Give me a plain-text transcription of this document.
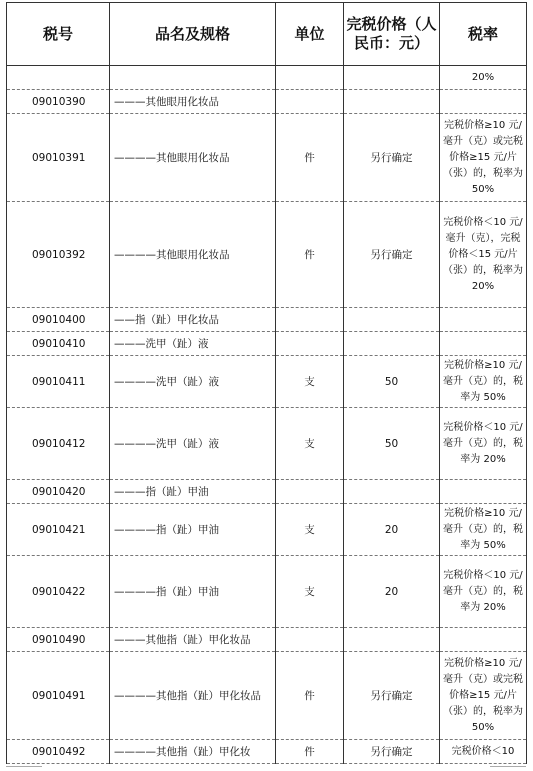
税号	品名及规格	单位	完税价格（人民币：元）	税率
				20%
09010390	———其他眼用化妆品			
09010391	————其他眼用化妆品	件	另行确定	完税价格≥10 元/毫升（克）或完税价格≥15 元/片（张）的，税率为 50%
09010392	————其他眼用化妆品	件	另行确定	完税价格＜10 元/毫升（克），完税价格＜15 元/片（张）的，税率为 20%
09010400	——指（趾）甲化妆品			
09010410	———洗甲（趾）液			
09010411	————洗甲（趾）液	支	50	完税价格≥10 元/毫升（克）的，税率为 50%
09010412	————洗甲（趾）液	支	50	完税价格＜10 元/毫升（克）的，税率为 20%
09010420	———指（趾）甲油			
09010421	————指（趾）甲油	支	20	完税价格≥10 元/毫升（克）的，税率为 50%
09010422	————指（趾）甲油	支	20	完税价格＜10 元/毫升（克）的，税率为 20%
09010490	———其他指（趾）甲化妆品			
09010491	————其他指（趾）甲化妆品	件	另行确定	完税价格≥10 元/毫升（克）或完税价格≥15 元/片（张）的，税率为 50%
09010492	————其他指（趾）甲化妆	件	另行确定	完税价格＜10
